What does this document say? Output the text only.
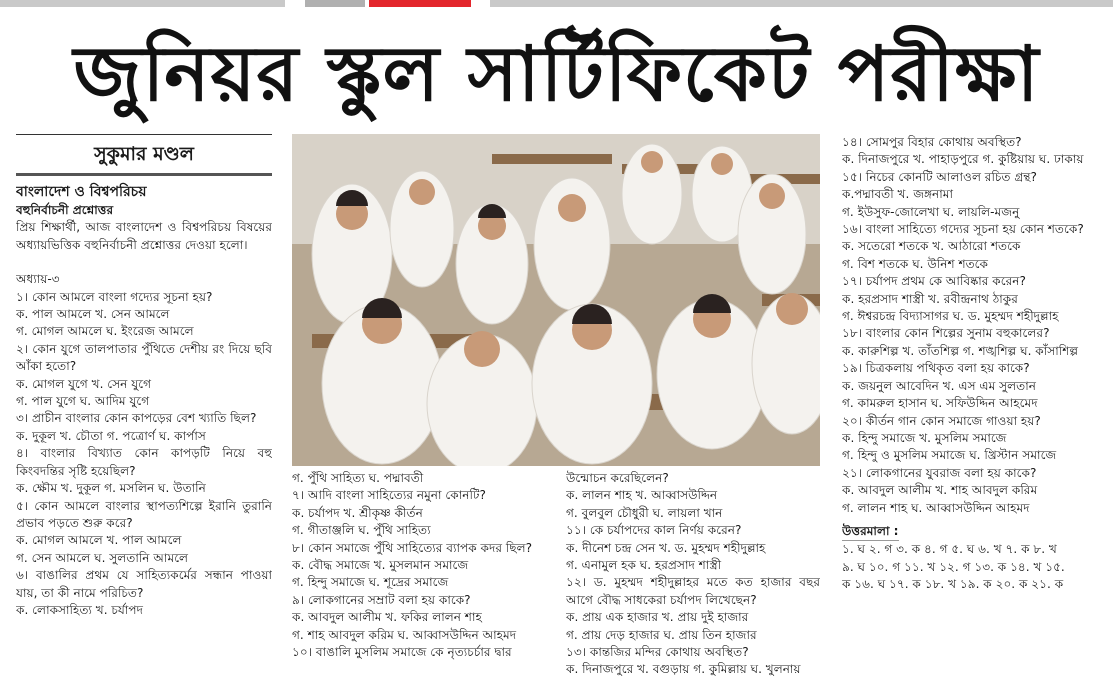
জুনিয়র স্কুল সার্টিফিকেট পরীক্ষা
সুকুমার মণ্ডল

বাংলাদেশ ও বিশ্বপরিচয়

বহুনির্বাচনী প্রশ্নোত্তর

প্রিয় শিক্ষার্থী, আজ বাংলাদেশ ও বিশ্বপরিচয় বিষয়ের অধ্যায়ভিত্তিক বহুনির্বাচনী প্রশ্নোত্তর দেওয়া হলো।

অধ্যায়-৩

১। কোন আমলে বাংলা গদ্যের সূচনা হয়?

ক. পাল আমলে খ. সেন আমলে

গ. মোগল আমলে ঘ. ইংরেজ আমলে

২। কোন যুগে তালপাতার পুঁথিতে দেশীয় রং দিয়ে ছবি আঁকা হতো?

ক. মোগল যুগে খ. সেন যুগে

গ. পাল যুগে ঘ. আদিম যুগে

৩। প্রাচীন বাংলার কোন কাপড়ের বেশ খ্যাতি ছিল?

ক. দুকূল খ. চৌতা গ. পত্রোর্ণ ঘ. কার্পাস

৪। বাংলার বিখ্যাত কোন কাপড়টি নিয়ে বহু কিংবদন্তির সৃষ্টি হয়েছিল?

ক. ক্ষৌম খ. দুকূল গ. মসলিন ঘ. উতানি

৫। কোন আমলে বাংলার স্থাপত্যশিল্পে ইরানি তুরানি প্রভাব পড়তে শুরু করে?

ক. মোগল আমলে খ. পাল আমলে

গ. সেন আমলে ঘ. সুলতানি আমলে

৬। বাঙালির প্রথম যে সাহিত্যকর্মের সন্ধান পাওয়া যায়, তা কী নামে পরিচিত?

ক. লোকসাহিত্য খ. চর্যাপদ

গ. পুঁথি সাহিত্য ঘ. পদ্মাবতী

৭। আদি বাংলা সাহিত্যের নমুনা কোনটি?

ক. চর্যাপদ খ. শ্রীকৃষ্ণ কীর্তন

গ. গীতাঞ্জলি ঘ. পুঁথি সাহিত্য

৮। কোন সমাজে পুঁথি সাহিত্যের ব্যাপক কদর ছিল?

ক. বৌদ্ধ সমাজে খ. মুসলমান সমাজে

গ. হিন্দু সমাজে ঘ. শূদ্রের সমাজে

৯। লোকগানের সম্রাট বলা হয় কাকে?

ক. আবদুল আলীম খ. ফকির লালন শাহ

গ. শাহ আবদুল করিম ঘ. আব্বাসউদ্দিন আহমদ

১০। বাঙালি মুসলিম সমাজে কে নৃত্যচর্চার দ্বার

উন্মোচন করেছিলেন?

ক. লালন শাহ খ. আব্বাসউদ্দিন

গ. বুলবুল চৌধুরী ঘ. লায়লা খান

১১। কে চর্যাপদের কাল নির্ণয় করেন?

ক. দীনেশ চন্দ্র সেন খ. ড. মুহম্মদ শহীদুল্লাহ

গ. এনামুল হক ঘ. হরপ্রসাদ শাস্ত্রী

১২। ড. মুহম্মদ শহীদুল্লাহর মতে কত হাজার বছর আগে বৌদ্ধ সাধকেরা চর্যাপদ লিখেছেন?

ক. প্রায় এক হাজার খ. প্রায় দুই হাজার

গ. প্রায় দেড় হাজার ঘ. প্রায় তিন হাজার

১৩। কান্তজির মন্দির কোথায় অবস্থিত?

ক. দিনাজপুরে খ. বগুড়ায় গ. কুমিল্লায় ঘ. খুলনায়

১৪। সোমপুর বিহার কোথায় অবস্থিত?

ক. দিনাজপুরে খ. পাহাড়পুরে গ. কুষ্টিয়ায় ঘ. ঢাকায়

১৫। নিচের কোনটি আলাওল রচিত গ্রন্থ?

ক.পদ্মাবতী খ. জঙ্গনামা

গ. ইউসুফ-জোলেখা ঘ. লায়লি-মজনু

১৬। বাংলা সাহিত্যে গদ্যের সূচনা হয় কোন শতকে?

ক. সতেরো শতকে খ. আঠারো শতকে

গ. বিশ শতকে ঘ. উনিশ শতকে

১৭। চর্যাপদ প্রথম কে আবিষ্কার করেন?

ক. হরপ্রসাদ শাস্ত্রী খ. রবীন্দ্রনাথ ঠাকুর

গ. ঈশ্বরচন্দ্র বিদ্যাসাগর ঘ. ড. মুহম্মদ শহীদুল্লাহ

১৮। বাংলার কোন শিল্পের সুনাম বহুকালের?

ক. কারুশিল্প খ. তাঁতশিল্প গ. শঙ্খশিল্প ঘ. কাঁসাশিল্প

১৯। চিত্রকলায় পথিকৃত বলা হয় কাকে?

ক. জয়নুল আবেদিন খ. এস এম সুলতান

গ. কামরুল হাসান ঘ. সফিউদ্দিন আহমেদ

২০। কীর্তন গান কোন সমাজে গাওয়া হয়?

ক. হিন্দু সমাজে খ. মুসলিম সমাজে

গ. হিন্দু ও মুসলিম সমাজে ঘ. খ্রিস্টান সমাজে

২১। লোকগানের যুবরাজ বলা হয় কাকে?

ক. আবদুল আলীম খ. শাহ আবদুল করিম

গ. লালন শাহ ঘ. আব্বাসউদ্দিন আহমদ

উত্তরমালা :

১. ঘ ২. গ ৩. ক ৪. গ ৫. ঘ ৬. খ ৭. ক ৮. খ

৯. ঘ ১০. গ ১১. খ ১২. গ ১৩. ক ১৪. খ ১৫.

ক ১৬. ঘ ১৭. ক ১৮. খ ১৯. ক ২০. ক ২১. ক
